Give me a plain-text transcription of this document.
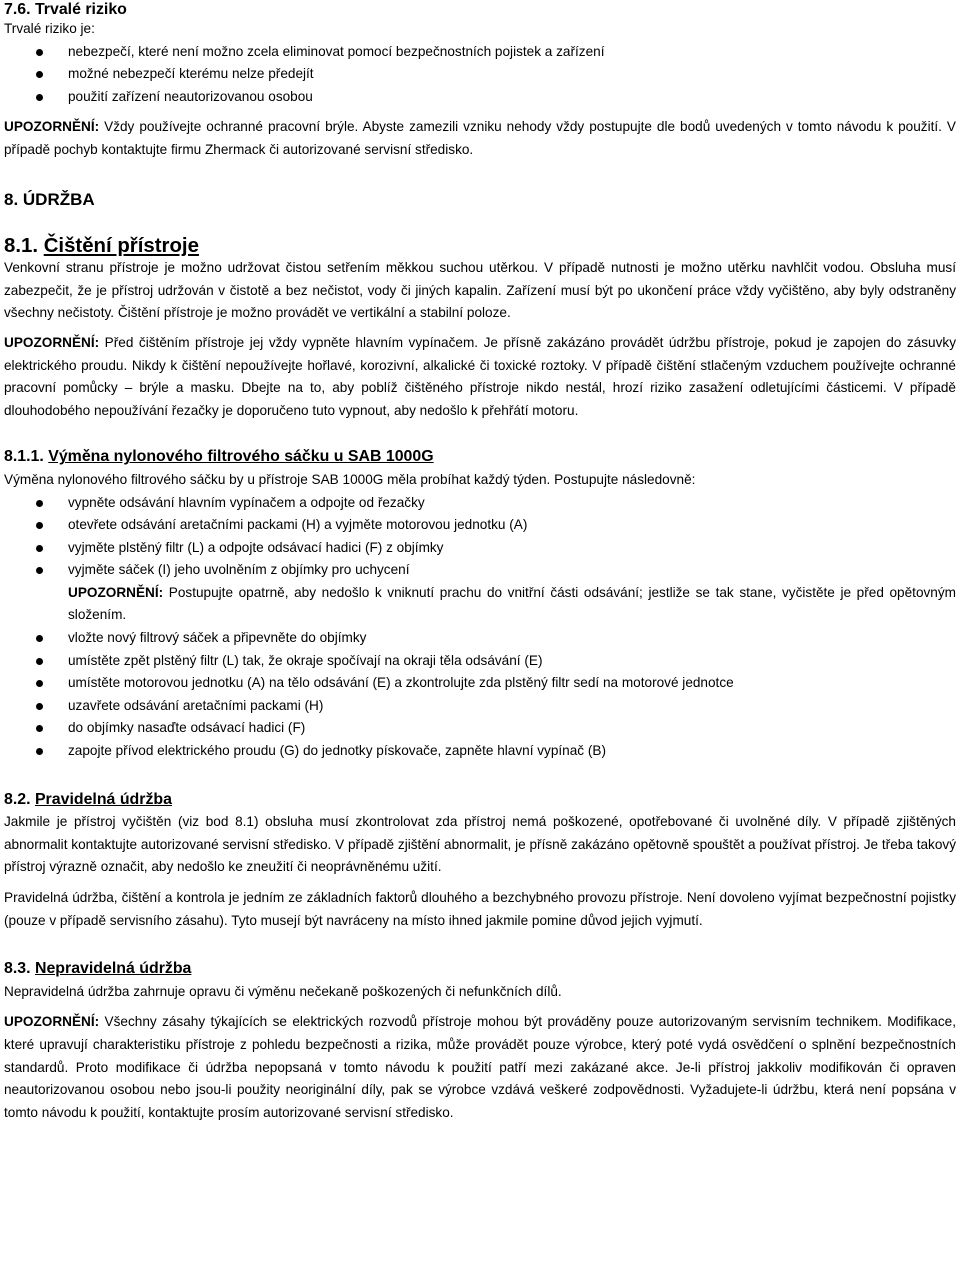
7.6. Trvalé riziko

Trvalé riziko je:

nebezpečí, které není možno zcela eliminovat pomocí bezpečnostních pojistek a zařízení
možné nebezpečí kterému nelze předejít
použití zařízení neautorizovanou osobou

UPOZORNĚNÍ: Vždy používejte ochranné pracovní brýle. Abyste zamezili vzniku nehody vždy postupujte dle bodů uvedených v tomto návodu k použití. V případě pochyb kontaktujte firmu Zhermack či autorizované servisní středisko.

8. ÚDRŽBA
8.1. Čištění přístroje

Venkovní stranu přístroje je možno udržovat čistou setřením měkkou suchou utěrkou. V případě nutnosti je možno utěrku navhlčit vodou. Obsluha musí zabezpečit, že je přístroj udržován v čistotě a bez nečistot, vody či jiných kapalin. Zařízení musí být po ukončení práce vždy vyčištěno, aby byly odstraněny všechny nečistoty. Čištění přístroje je možno provádět ve vertikální a stabilní poloze.

UPOZORNĚNÍ: Před čištěním přístroje jej vždy vypněte hlavním vypínačem. Je přísně zakázáno provádět údržbu přístroje, pokud je zapojen do zásuvky elektrického proudu. Nikdy k čištění nepoužívejte hořlavé, korozivní, alkalické či toxické roztoky. V případě čištění stlačeným vzduchem používejte ochranné pracovní pomůcky – brýle a masku. Dbejte na to, aby poblíž čištěného přístroje nikdo nestál, hrozí riziko zasažení odletujícími částicemi. V případě dlouhodobého nepoužívání řezačky je doporučeno tuto vypnout, aby nedošlo k přehřátí motoru.

8.1.1. Výměna nylonového filtrového sáčku u SAB 1000G

Výměna nylonového filtrového sáčku by u přístroje SAB 1000G měla probíhat každý týden. Postupujte následovně:

vypněte odsávání hlavním vypínačem a odpojte od řezačky
otevřete odsávání aretačními packami (H) a vyjměte motorovou jednotku (A)
vyjměte plstěný filtr (L) a odpojte odsávací hadici (F) z objímky
vyjměte sáček (I) jeho uvolněním z objímky pro uchycení

UPOZORNĚNÍ: Postupujte opatrně, aby nedošlo k vniknutí prachu do vnitřní části odsávání; jestliže se tak stane, vyčistěte je před opětovným složením.

vložte nový filtrový sáček a připevněte do objímky
umístěte zpět plstěný filtr (L) tak, že okraje spočívají na okraji těla odsávání (E)
umístěte motorovou jednotku (A) na tělo odsávání (E) a zkontrolujte zda plstěný filtr sedí na motorové jednotce
uzavřete odsávání aretačními packami (H)
do objímky nasaďte odsávací hadici (F)
zapojte přívod elektrického proudu (G) do jednotky pískovače, zapněte hlavní vypínač (B)
8.2. Pravidelná údržba

Jakmile je přístroj vyčištěn (viz bod 8.1) obsluha musí zkontrolovat zda přístroj nemá poškozené, opotřebované či uvolněné díly. V případě zjištěných abnormalit kontaktujte autorizované servisní středisko. V případě zjištění abnormalit, je přísně zakázáno opětovně spouštět a používat přístroj. Je třeba takový přístroj výrazně označit, aby nedošlo ke zneužití či neoprávněnému užití.

Pravidelná údržba, čištění a kontrola je jedním ze základních faktorů dlouhého a bezchybného provozu přístroje. Není dovoleno vyjímat bezpečnostní pojistky (pouze v případě servisního zásahu). Tyto musejí být navráceny na místo ihned jakmile pomine důvod jejich vyjmutí.

8.3. Nepravidelná údržba

Nepravidelná údržba zahrnuje opravu či výměnu nečekaně poškozených či nefunkčních dílů.

UPOZORNĚNÍ: Všechny zásahy týkajících se elektrických rozvodů přístroje mohou být prováděny pouze autorizovaným servisním technikem. Modifikace, které upravují charakteristiku přístroje z pohledu bezpečnosti a rizika, může provádět pouze výrobce, který poté vydá osvědčení o splnění bezpečnostních standardů. Proto modifikace či údržba nepopsaná v tomto návodu k použití patří mezi zakázané akce. Je-li přístroj jakkoliv modifikován či opraven neautorizovanou osobou nebo jsou-li použity neoriginální díly, pak se výrobce vzdává veškeré zodpovědnosti. Vyžadujete-li údržbu, která není popsána v tomto návodu k použití, kontaktujte prosím autorizované servisní středisko.
